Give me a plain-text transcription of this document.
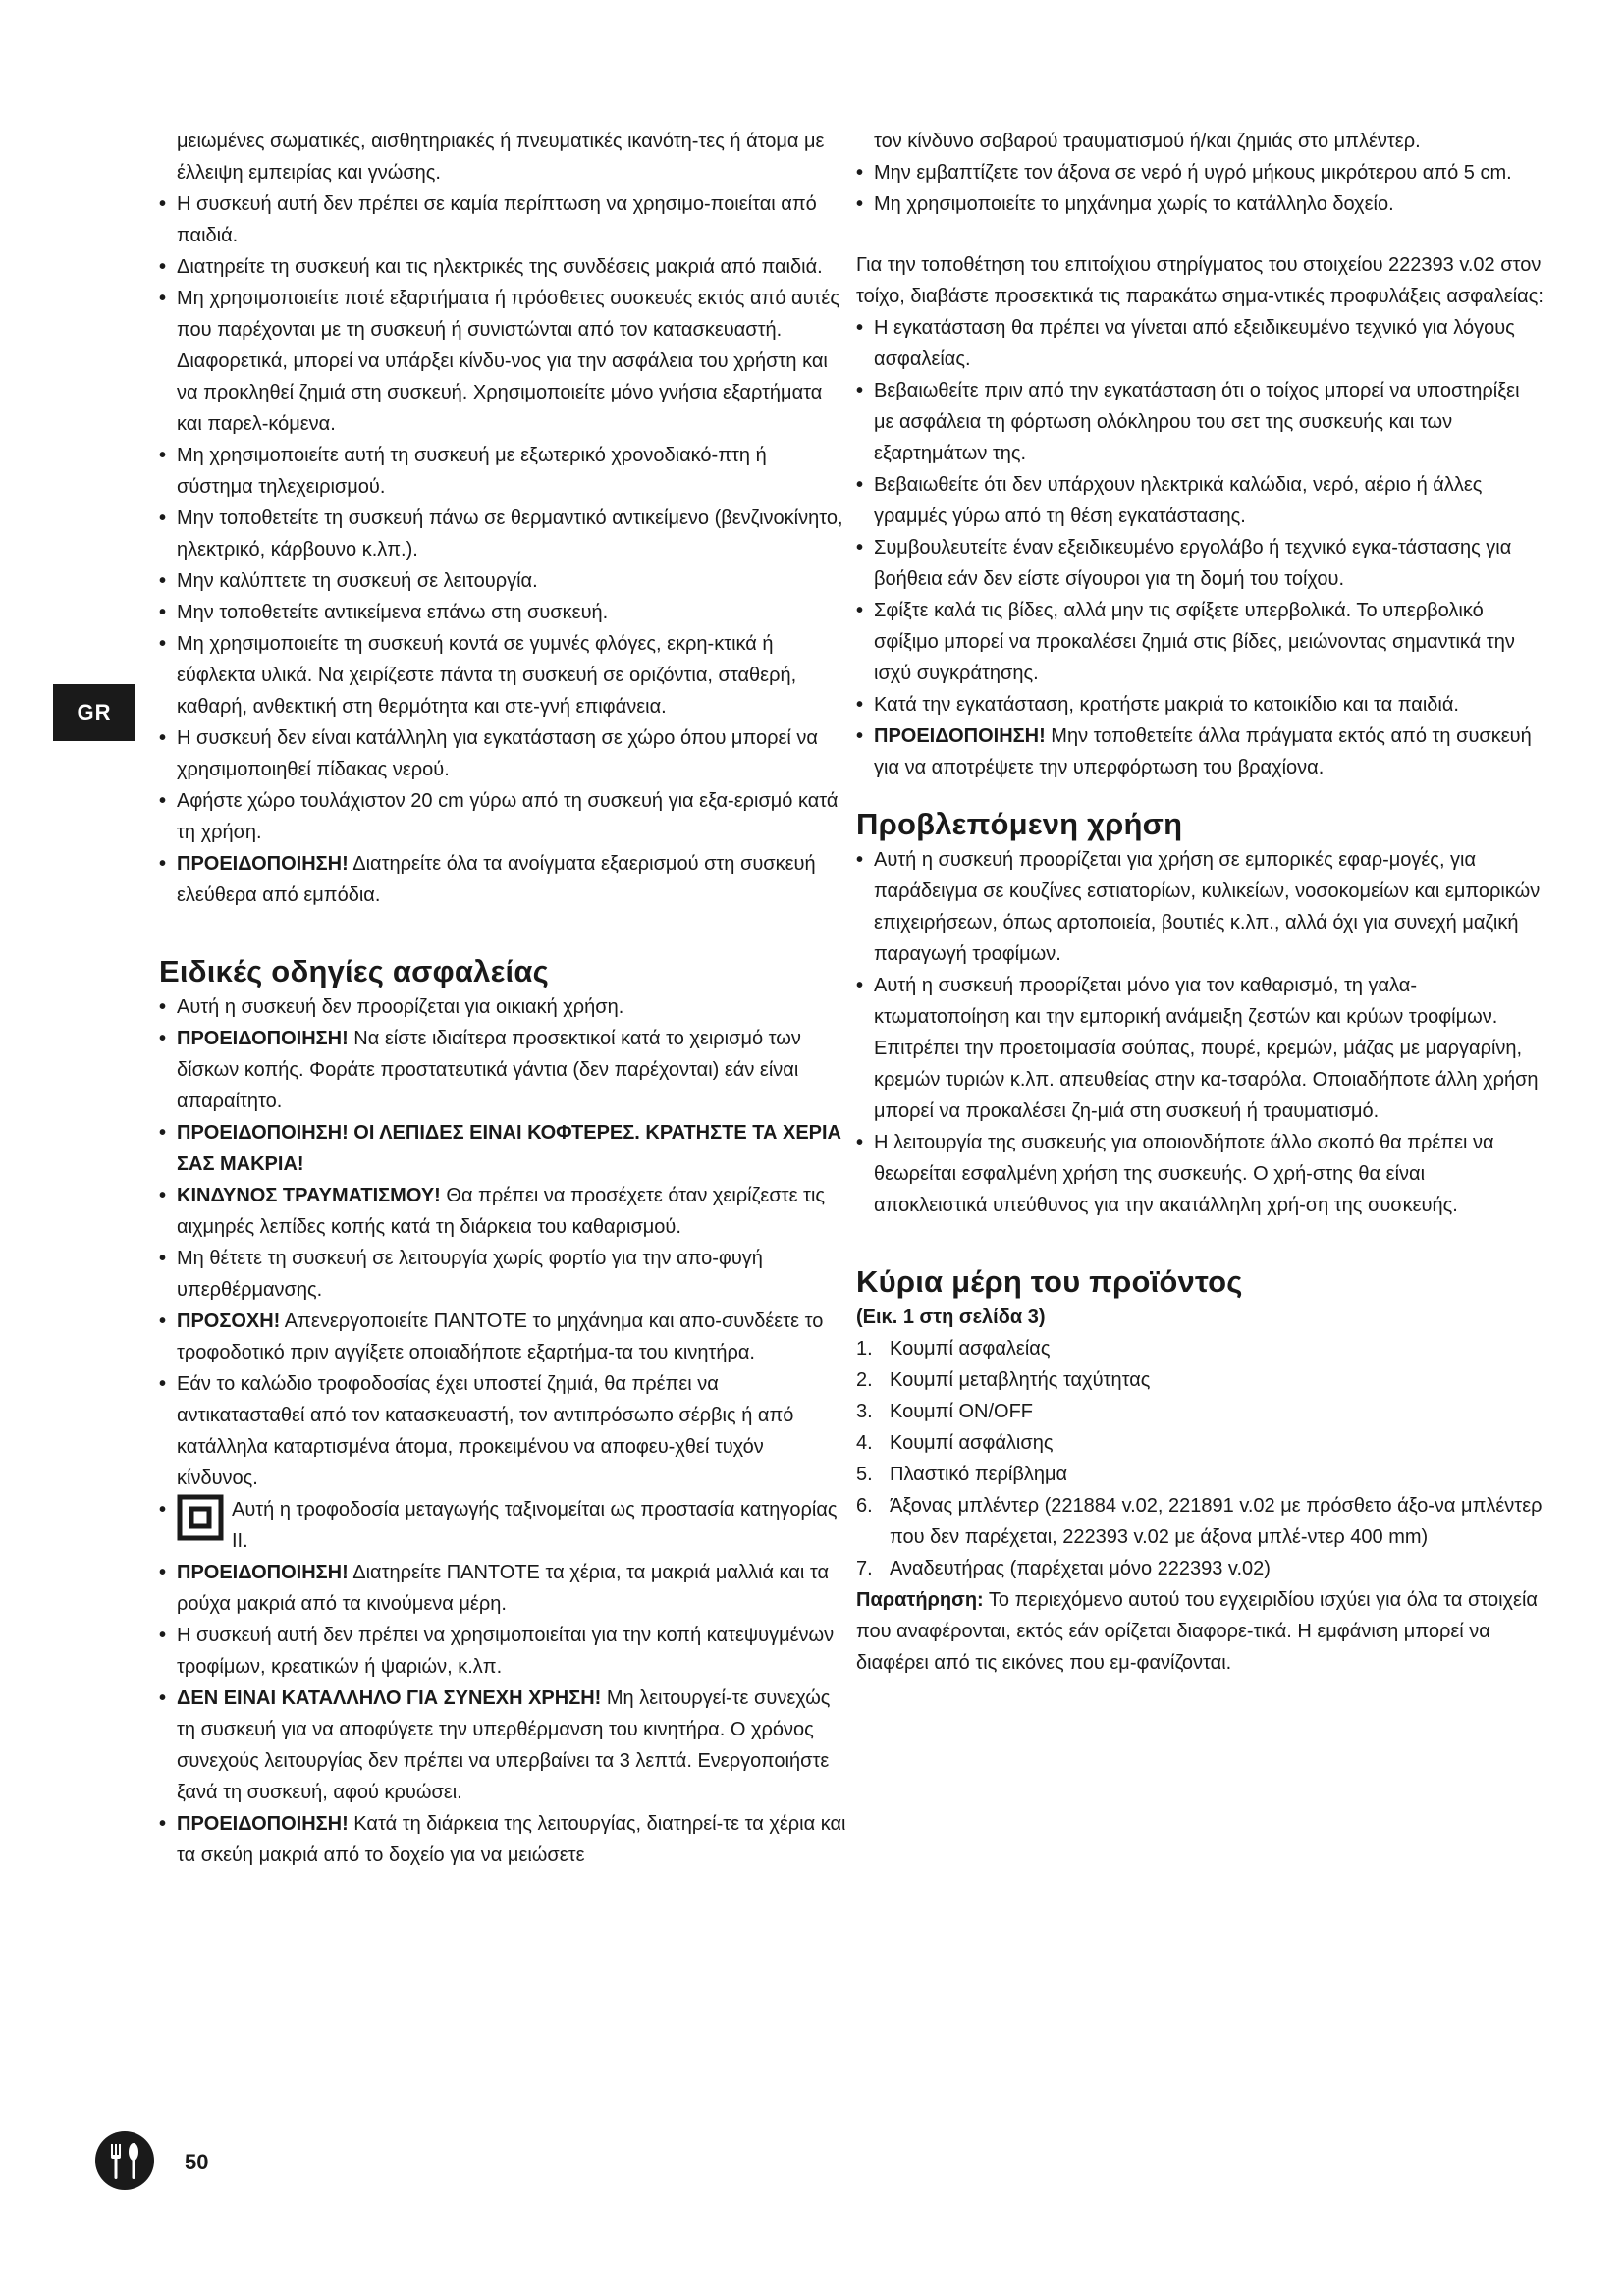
GR

μειωμένες σωματικές, αισθητηριακές ή πνευματικές ικανότη-τες ή άτομα με έλλειψη εμπειρίας και γνώσης.

• Η συσκευή αυτή δεν πρέπει σε καμία περίπτωση να χρησιμο-ποιείται από παιδιά.

• Διατηρείτε τη συσκευή και τις ηλεκτρικές της συνδέσεις μακριά από παιδιά.

• Μη χρησιμοποιείτε ποτέ εξαρτήματα ή πρόσθετες συσκευές εκτός από αυτές που παρέχονται με τη συσκευή ή συνιστώνται από τον κατασκευαστή. Διαφορετικά, μπορεί να υπάρξει κίνδυ-νος για την ασφάλεια του χρήστη και να προκληθεί ζημιά στη συσκευή. Χρησιμοποιείτε μόνο γνήσια εξαρτήματα και παρελ-κόμενα.

• Μη χρησιμοποιείτε αυτή τη συσκευή με εξωτερικό χρονοδιακό-πτη ή σύστημα τηλεχειρισμού.

• Μην τοποθετείτε τη συσκευή πάνω σε θερμαντικό αντικείμενο (βενζινοκίνητο, ηλεκτρικό, κάρβουνο κ.λπ.).

• Μην καλύπτετε τη συσκευή σε λειτουργία.

• Μην τοποθετείτε αντικείμενα επάνω στη συσκευή.

• Μη χρησιμοποιείτε τη συσκευή κοντά σε γυμνές φλόγες, εκρη-κτικά ή εύφλεκτα υλικά. Να χειρίζεστε πάντα τη συσκευή σε οριζόντια, σταθερή, καθαρή, ανθεκτική στη θερμότητα και στε-γνή επιφάνεια.

• Η συσκευή δεν είναι κατάλληλη για εγκατάσταση σε χώρο όπου μπορεί να χρησιμοποιηθεί πίδακας νερού.

• Αφήστε χώρο τουλάχιστον 20 cm γύρω από τη συσκευή για εξα-ερισμό κατά τη χρήση.

• ΠΡΟΕΙΔΟΠΟΙΗΣΗ! Διατηρείτε όλα τα ανοίγματα εξαερισμού στη συσκευή ελεύθερα από εμπόδια.

Ειδικές οδηγίες ασφαλείας

• Αυτή η συσκευή δεν προορίζεται για οικιακή χρήση.

• ΠΡΟΕΙΔΟΠΟΙΗΣΗ! Να είστε ιδιαίτερα προσεκτικοί κατά το χειρισμό των δίσκων κοπής. Φοράτε προστατευτικά γάντια (δεν παρέχονται) εάν είναι απαραίτητο.

• ΠΡΟΕΙΔΟΠΟΙΗΣΗ! ΟΙ ΛΕΠΙΔΕΣ ΕΙΝΑΙ ΚΟΦΤΕΡΕΣ. ΚΡΑΤΗΣΤΕ ΤΑ ΧΕΡΙΑ ΣΑΣ ΜΑΚΡΙΑ!

• ΚΙΝΔΥΝΟΣ ΤΡΑΥΜΑΤΙΣΜΟΥ! Θα πρέπει να προσέχετε όταν χειρίζεστε τις αιχμηρές λεπίδες κοπής κατά τη διάρκεια του καθαρισμού.

• Μη θέτετε τη συσκευή σε λειτουργία χωρίς φορτίο για την απο-φυγή υπερθέρμανσης.

• ΠΡΟΣΟΧΗ! Απενεργοποιείτε ΠΑΝΤΟΤΕ το μηχάνημα και απο-συνδέετε το τροφοδοτικό πριν αγγίξετε οποιαδήποτε εξαρτήμα-τα του κινητήρα.

• Εάν το καλώδιο τροφοδοσίας έχει υποστεί ζημιά, θα πρέπει να αντικατασταθεί από τον κατασκευαστή, τον αντιπρόσωπο σέρβις ή από κατάλληλα καταρτισμένα άτομα, προκειμένου να αποφευ-χθεί τυχόν κίνδυνος.

• Αυτή η τροφοδοσία μεταγωγής ταξινομείται ως προστασία κατηγορίας II.

• ΠΡΟΕΙΔΟΠΟΙΗΣΗ! Διατηρείτε ΠΑΝΤΟΤΕ τα χέρια, τα μακριά μαλλιά και τα ρούχα μακριά από τα κινούμενα μέρη.

• Η συσκευή αυτή δεν πρέπει να χρησιμοποιείται για την κοπή κατεψυγμένων τροφίμων, κρεατικών ή ψαριών, κ.λπ.

• ΔΕΝ ΕΙΝΑΙ ΚΑΤΑΛΛΗΛΟ ΓΙΑ ΣΥΝΕΧΗ ΧΡΗΣΗ! Μη λειτουργεί-τε συνεχώς τη συσκευή για να αποφύγετε την υπερθέρμανση του κινητήρα. Ο χρόνος συνεχούς λειτουργίας δεν πρέπει να υπερβαίνει τα 3 λεπτά. Ενεργοποιήστε ξανά τη συσκευή, αφού κρυώσει.

• ΠΡΟΕΙΔΟΠΟΙΗΣΗ! Κατά τη διάρκεια της λειτουργίας, διατηρεί-τε τα χέρια και τα σκεύη μακριά από το δοχείο για να μειώσετε

τον κίνδυνο σοβαρού τραυματισμού ή/και ζημιάς στο μπλέντερ.

• Μην εμβαπτίζετε τον άξονα σε νερό ή υγρό μήκους μικρότερου από 5 cm.

• Μη χρησιμοποιείτε το μηχάνημα χωρίς το κατάλληλο δοχείο.

Για την τοποθέτηση του επιτοίχιου στηρίγματος του στοιχείου 222393 v.02 στον τοίχο, διαβάστε προσεκτικά τις παρακάτω σημα-ντικές προφυλάξεις ασφαλείας:

• Η εγκατάσταση θα πρέπει να γίνεται από εξειδικευμένο τεχνικό για λόγους ασφαλείας.

• Βεβαιωθείτε πριν από την εγκατάσταση ότι ο τοίχος μπορεί να υποστηρίξει με ασφάλεια τη φόρτωση ολόκληρου του σετ της συσκευής και των εξαρτημάτων της.

• Βεβαιωθείτε ότι δεν υπάρχουν ηλεκτρικά καλώδια, νερό, αέριο ή άλλες γραμμές γύρω από τη θέση εγκατάστασης.

• Συμβουλευτείτε έναν εξειδικευμένο εργολάβο ή τεχνικό εγκα-τάστασης για βοήθεια εάν δεν είστε σίγουροι για τη δομή του τοίχου.

• Σφίξτε καλά τις βίδες, αλλά μην τις σφίξετε υπερβολικά. Το υπερβολικό σφίξιμο μπορεί να προκαλέσει ζημιά στις βίδες, μειώνοντας σημαντικά την ισχύ συγκράτησης.

• Κατά την εγκατάσταση, κρατήστε μακριά το κατοικίδιο και τα παιδιά.

• ΠΡΟΕΙΔΟΠΟΙΗΣΗ! Μην τοποθετείτε άλλα πράγματα εκτός από τη συσκευή για να αποτρέψετε την υπερφόρτωση του βραχίονα.

Προβλεπόμενη χρήση

• Αυτή η συσκευή προορίζεται για χρήση σε εμπορικές εφαρ-μογές, για παράδειγμα σε κουζίνες εστιατορίων, κυλικείων, νοσοκομείων και εμπορικών επιχειρήσεων, όπως αρτοποιεία, βουτιές κ.λπ., αλλά όχι για συνεχή μαζική παραγωγή τροφίμων.

• Αυτή η συσκευή προορίζεται μόνο για τον καθαρισμό, τη γαλα-κτωματοποίηση και την εμπορική ανάμειξη ζεστών και κρύων τροφίμων. Επιτρέπει την προετοιμασία σούπας, πουρέ, κρεμών, μάζας με μαργαρίνη, κρεμών τυριών κ.λπ. απευθείας στην κα-τσαρόλα. Οποιαδήποτε άλλη χρήση μπορεί να προκαλέσει ζη-μιά στη συσκευή ή τραυματισμό.

• Η λειτουργία της συσκευής για οποιονδήποτε άλλο σκοπό θα πρέπει να θεωρείται εσφαλμένη χρήση της συσκευής. Ο χρή-στης θα είναι αποκλειστικά υπεύθυνος για την ακατάλληλη χρή-ση της συσκευής.

Κύρια μέρη του προϊόντος

(Εικ. 1 στη σελίδα 3)

1. Κουμπί ασφαλείας
2. Κουμπί μεταβλητής ταχύτητας
3. Κουμπί ON/OFF
4. Κουμπί ασφάλισης
5. Πλαστικό περίβλημα
6. Άξονας μπλέντερ (221884 v.02, 221891 v.02 με πρόσθετο άξο-να μπλέντερ που δεν παρέχεται, 222393 v.02 με άξονα μπλέ-ντερ 400 mm)
7. Αναδευτήρας (παρέχεται μόνο 222393 v.02)

Παρατήρηση: Το περιεχόμενο αυτού του εγχειριδίου ισχύει για όλα τα στοιχεία που αναφέρονται, εκτός εάν ορίζεται διαφορε-τικά. Η εμφάνιση μπορεί να διαφέρει από τις εικόνες που εμ-φανίζονται.

50
